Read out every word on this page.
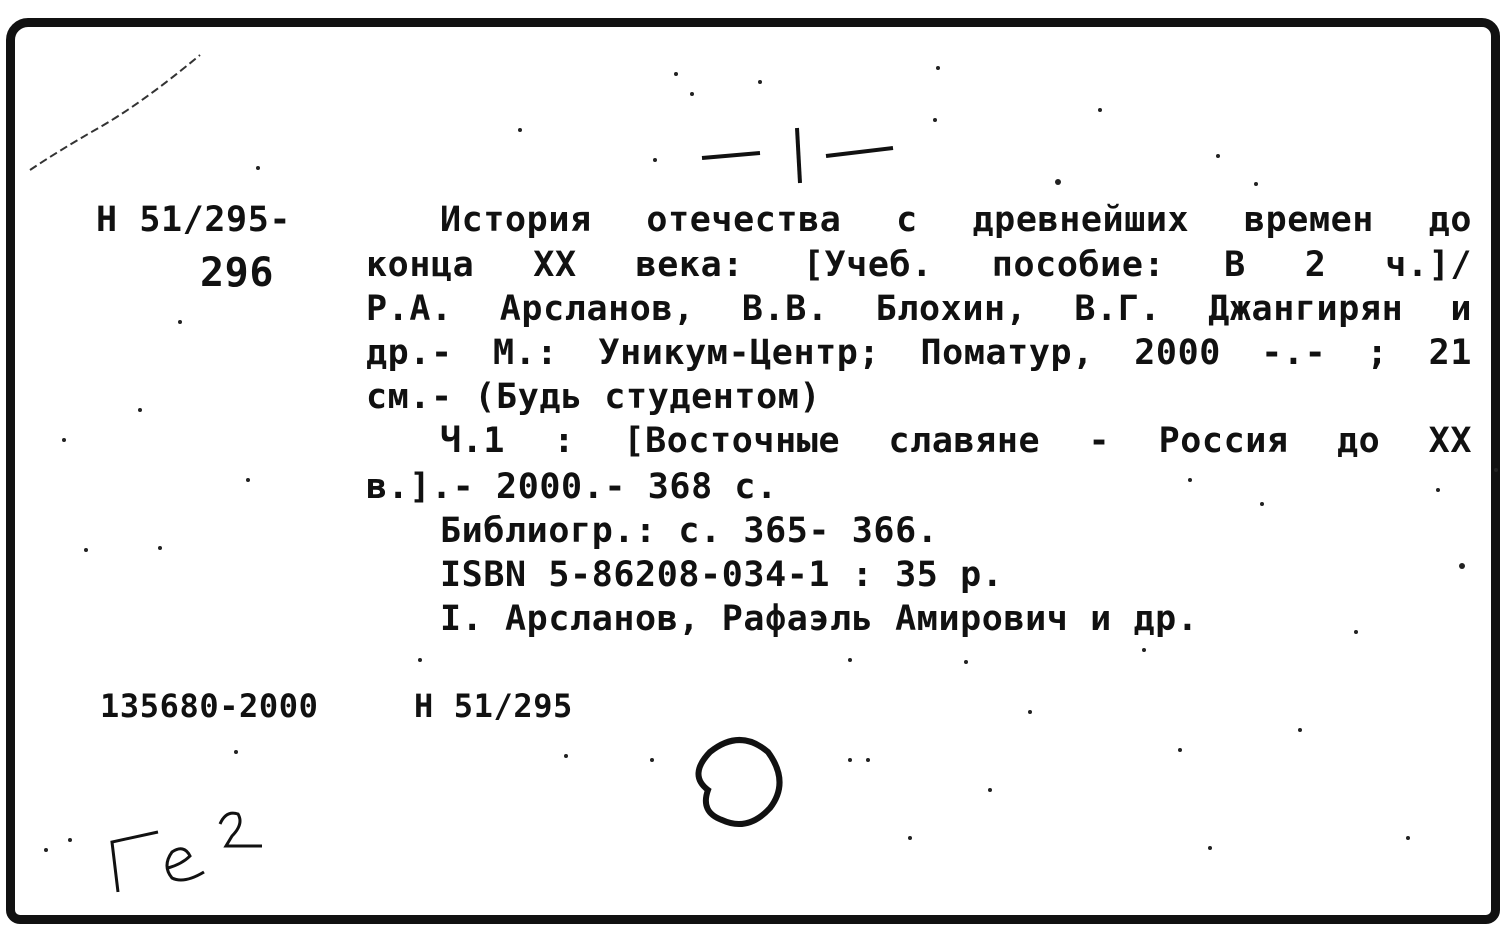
Н 51/295-
296
История отечества с древнейших времен до
конца XX века: [Учеб. пособие: В 2 ч.]/
Р.А. Арсланов, В.В. Блохин, В.Г. Джангирян и
др.- М.: Уникум-Центр; Поматур, 2000 -.- ; 21
см.- (Будь студентом)
Ч.1 : [Восточные славяне - Россия до XX
в.].- 2000.- 368 с.
Библиогр.: с. 365- 366.
ISBN 5-86208-034-1 : 35 р.
I. Арсланов, Рафаэль Амирович и др.
135680-2000	Н 51/295
